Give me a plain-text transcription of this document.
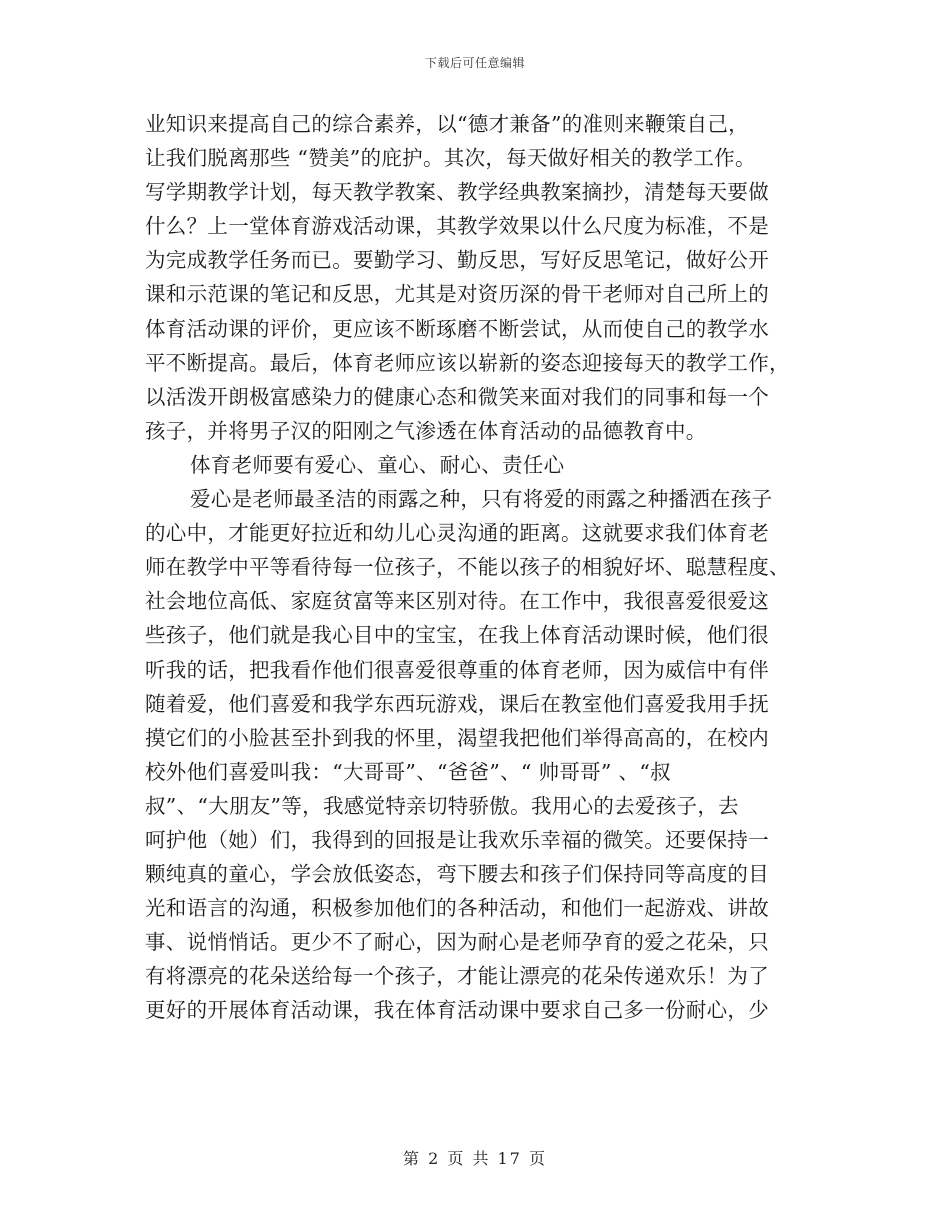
下载后可任意编辑
业知识来提高自己的综合素养，以“德才兼备”的准则来鞭策自己，
让我们脱离那些 “赞美”的庇护。其次，每天做好相关的教学工作。
写学期教学计划，每天教学教案、教学经典教案摘抄，清楚每天要做
什么？上一堂体育游戏活动课，其教学效果以什么尺度为标准，不是
为完成教学任务而已。要勤学习、勤反思，写好反思笔记，做好公开
课和示范课的笔记和反思，尤其是对资历深的骨干老师对自己所上的
体育活动课的评价，更应该不断琢磨不断尝试，从而使自己的教学水
平不断提高。最后，体育老师应该以崭新的姿态迎接每天的教学工作，
以活泼开朗极富感染力的健康心态和微笑来面对我们的同事和每一个
孩子，并将男子汉的阳刚之气渗透在体育活动的品德教育中。
体育老师要有爱心、童心、耐心、责任心
爱心是老师最圣洁的雨露之种，只有将爱的雨露之种播洒在孩子
的心中，才能更好拉近和幼儿心灵沟通的距离。这就要求我们体育老
师在教学中平等看待每一位孩子，不能以孩子的相貌好坏、聪慧程度、
社会地位高低、家庭贫富等来区别对待。在工作中，我很喜爱很爱这
些孩子，他们就是我心目中的宝宝，在我上体育活动课时候，他们很
听我的话，把我看作他们很喜爱很尊重的体育老师，因为威信中有伴
随着爱，他们喜爱和我学东西玩游戏，课后在教室他们喜爱我用手抚
摸它们的小脸甚至扑到我的怀里，渴望我把他们举得高高的，在校内
校外他们喜爱叫我：“大哥哥”、“爸爸”、“ 帅哥哥” 、“叔
叔”、“大朋友”等，我感觉特亲切特骄傲。我用心的去爱孩子，去
呵护他（她）们，我得到的回报是让我欢乐幸福的微笑。还要保持一
颗纯真的童心，学会放低姿态，弯下腰去和孩子们保持同等高度的目
光和语言的沟通，积极参加他们的各种活动，和他们一起游戏、讲故
事、说悄悄话。更少不了耐心，因为耐心是老师孕育的爱之花朵，只
有将漂亮的花朵送给每一个孩子，才能让漂亮的花朵传递欢乐！为了
更好的开展体育活动课，我在体育活动课中要求自己多一份耐心，少
第 2 页 共 17 页
